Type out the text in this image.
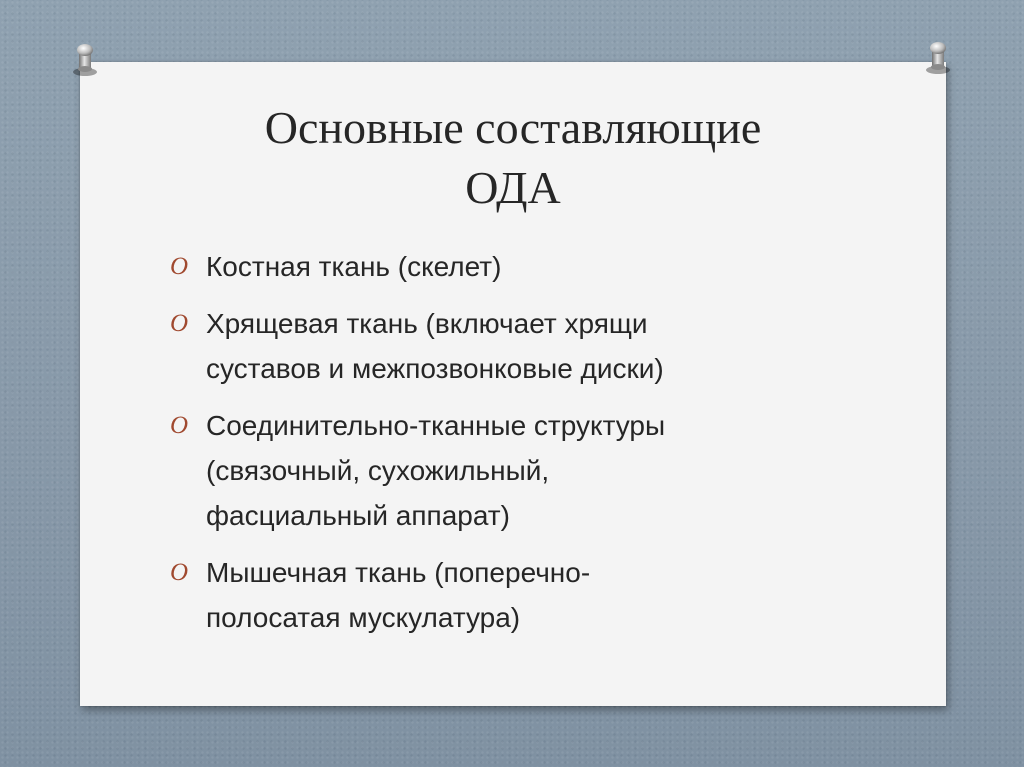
Основные составляющие
ОДА
O Костная ткань (скелет)
O Хрящевая ткань (включает хрящи
суставов и межпозвонковые диски)
O Соединительно-тканные структуры
(связочный, сухожильный,
фасциальный аппарат)
O Мышечная ткань (поперечно-
полосатая мускулатура)
